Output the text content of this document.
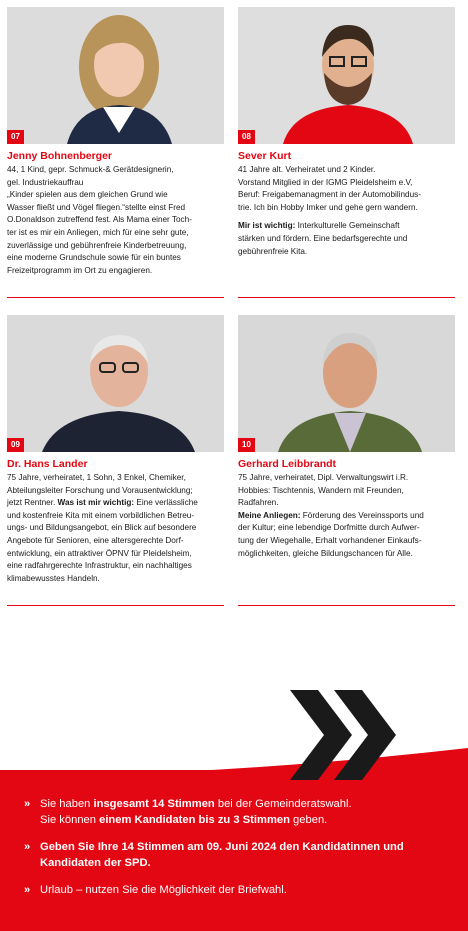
07
Jenny Bohnenberger
44, 1 Kind, gepr. Schmuck-& Gerätdesignerin,
gel. Industriekauffrau
„Kinder spielen aus dem gleichen Grund wie
Wasser fließt und Vögel fliegen.“stellte einst Fred
O.Donaldson zutreffend fest. Als Mama einer Toch-
ter ist es mir ein Anliegen, mich für eine sehr gute,
zuverlässige und gebührenfreie Kinderbetreuung,
eine moderne Grundschule sowie für ein buntes
Freizeitprogramm im Ort zu engagieren.
08
Sever Kurt
41 Jahre alt. Verheiratet und 2 Kinder.
Vorstand Mitglied in der IGMG Pleidelsheim e.V,
Beruf: Freigabemanagment in der Automobilindus-
trie. Ich bin Hobby Imker und gehe gern wandern.
Mir ist wichtig: Interkulturelle Gemeinschaft
stärken und fördern. Eine bedarfsgerechte und
gebührenfreie Kita.
09
Dr. Hans Lander
75 Jahre, verheiratet, 1 Sohn, 3 Enkel, Chemiker,
Abteilungsleiter Forschung und Vorausentwicklung;
jetzt Rentner. Was ist mir wichtig: Eine verlässliche
und kostenfreie Kita mit einem vorbildlichen Betreu-
ungs- und Bildungsangebot, ein Blick auf besondere
Angebote für Senioren, eine altersgerechte Dorf-
entwicklung, ein attraktiver ÖPNV für Pleidelsheim,
eine radfahrgerechte Infrastruktur, ein nachhaltiges
klimabewusstes Handeln.
10
Gerhard Leibbrandt
75 Jahre, verheiratet, Dipl. Verwaltungswirt i.R.
Hobbies: Tischtennis, Wandern mit Freunden,
Radfahren.
Meine Anliegen: Förderung des Vereinssports und
der Kultur; eine lebendige Dorfmitte durch Aufwer-
tung der Wiegehalle, Erhalt vorhandener Einkaufs-
möglichkeiten, gleiche Bildungschancen für Alle.
» Sie haben insgesamt 14 Stimmen bei der Gemeinderatswahl.
Sie können einem Kandidaten bis zu 3 Stimmen geben.
» Geben Sie Ihre 14 Stimmen am 09. Juni 2024 den Kandidatinnen und Kandidaten der SPD.
» Urlaub – nutzen Sie die Möglichkeit der Briefwahl.
